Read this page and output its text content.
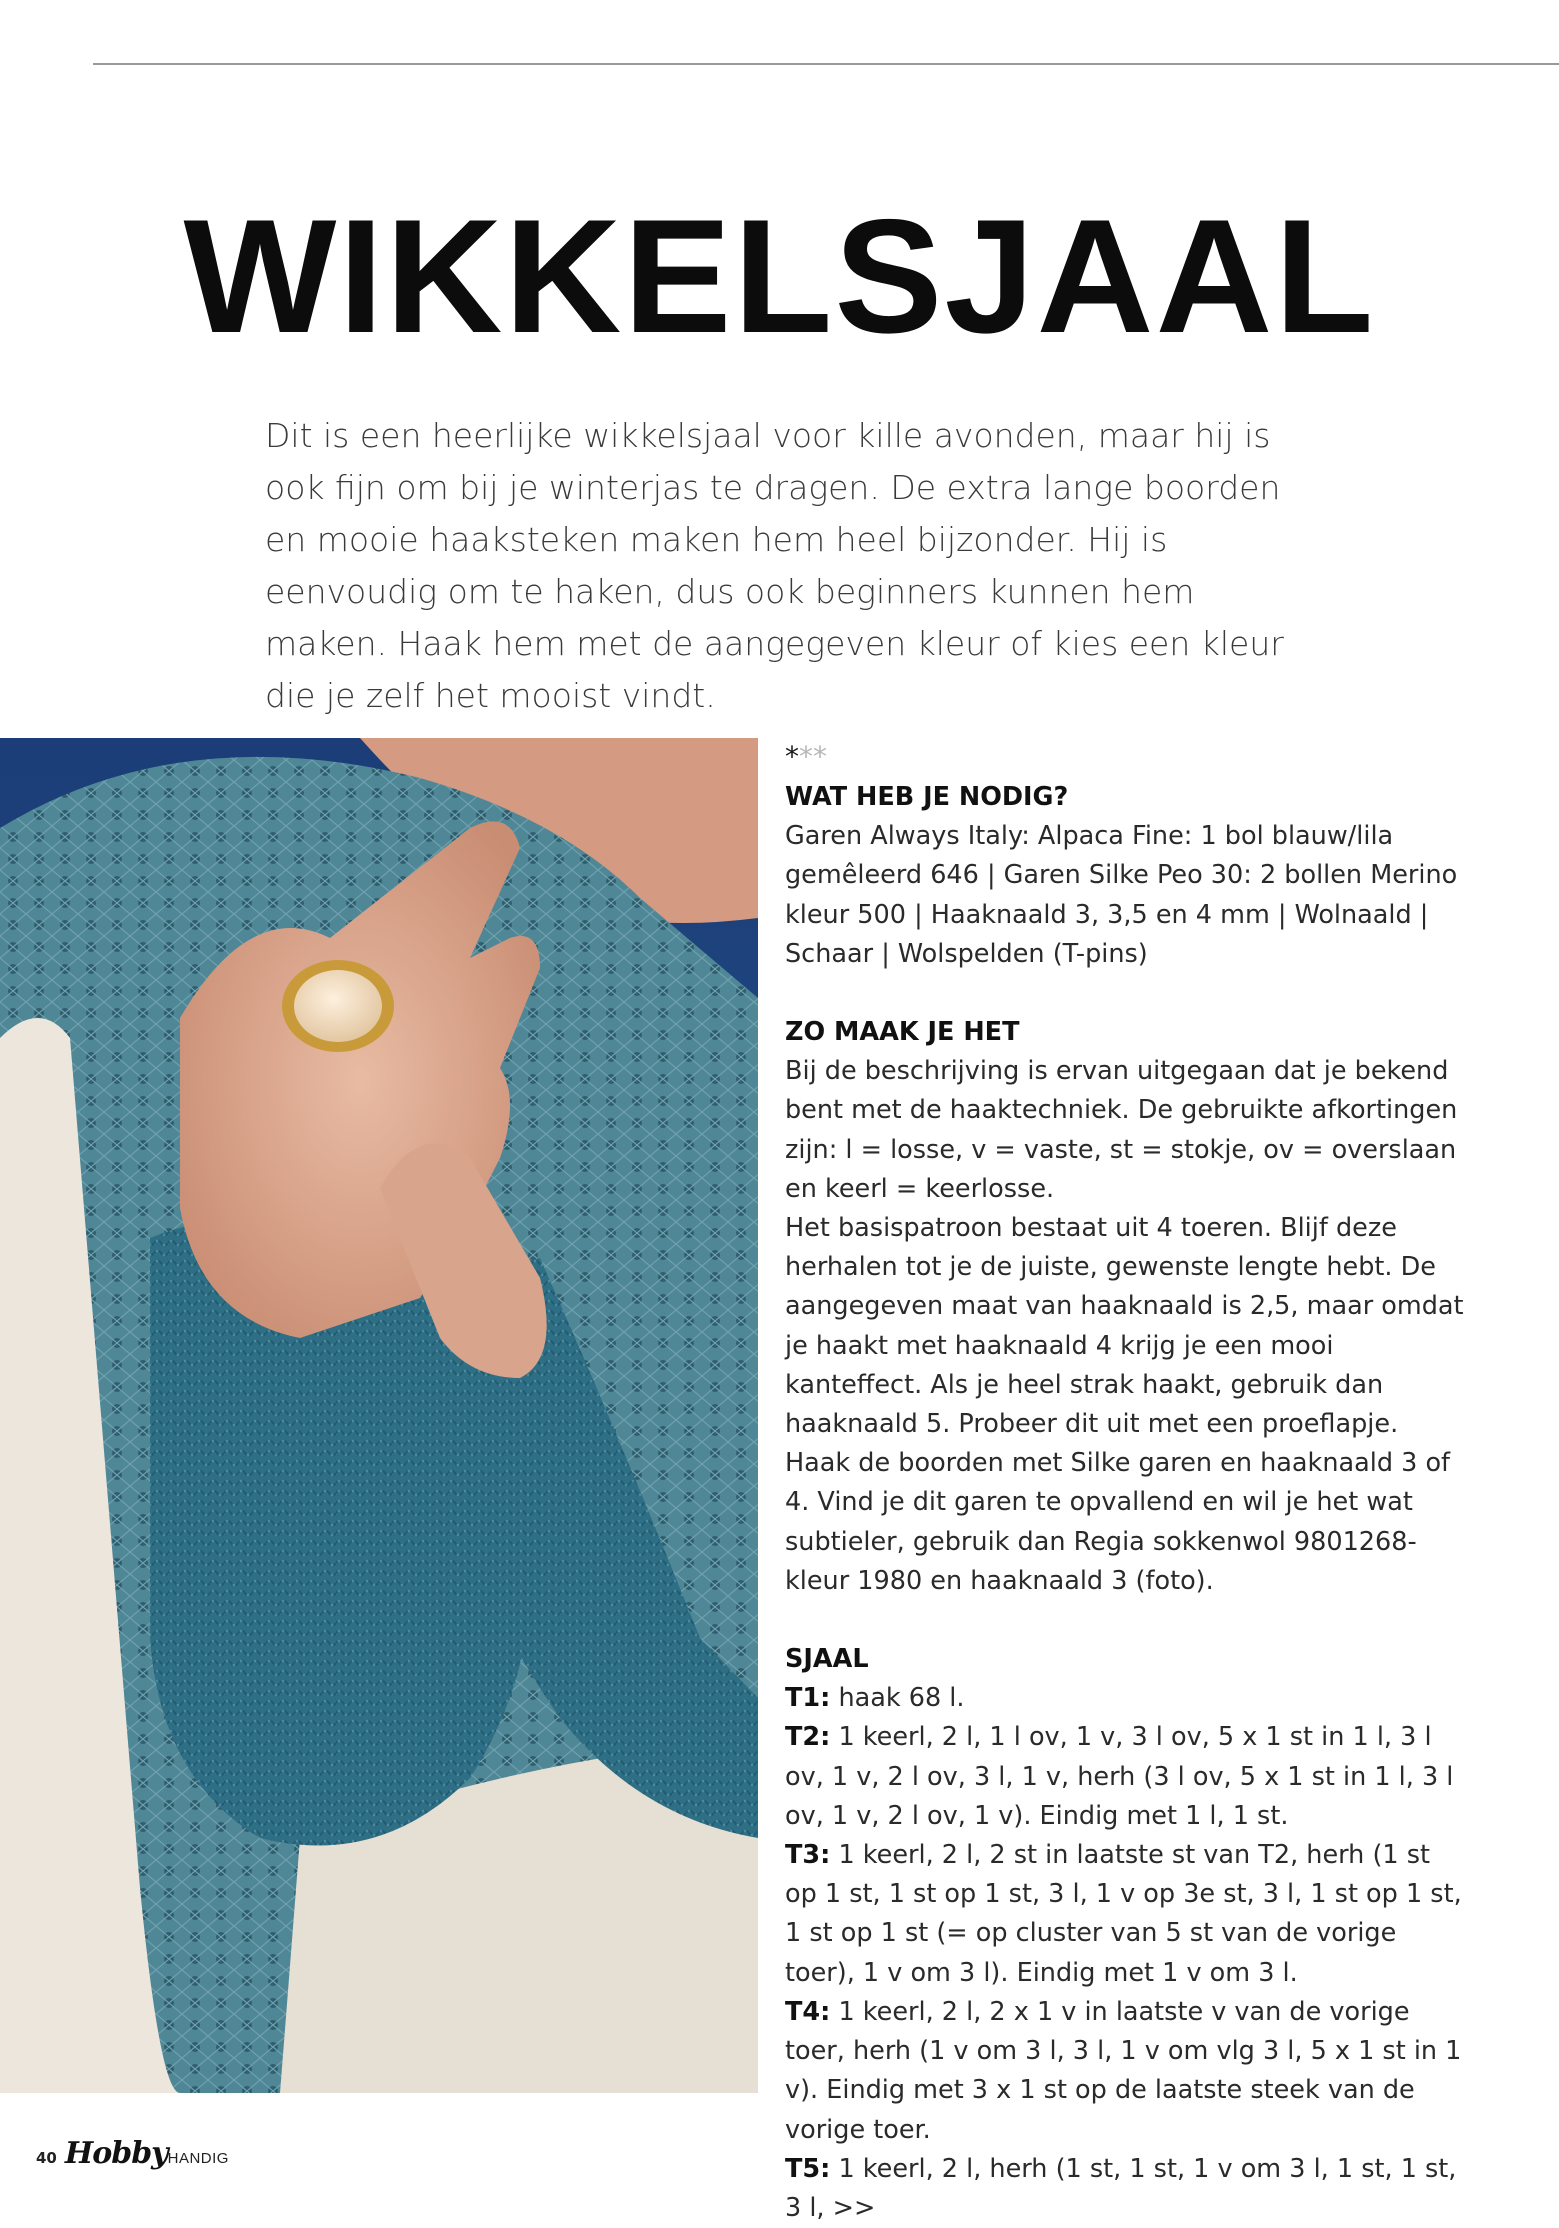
WIKKELSJAAL

Dit is een heerlijke wikkelsjaal voor kille avonden, maar hij is ook fijn om bij je winterjas te dragen. De extra lange boorden en mooie haaksteken maken hem heel bijzonder. Hij is eenvoudig om te haken, dus ook beginners kunnen hem maken. Haak hem met de aangegeven kleur of kies een kleur die je zelf het mooist vindt.

***

WAT HEB JE NODIG?

Garen Always Italy: Alpaca Fine: 1 bol blauw/lila gemêleerd 646 | Garen Silke Peo 30: 2 bollen Merino kleur 500 | Haaknaald 3, 3,5 en 4 mm | Wolnaald | Schaar | Wolspelden (T-pins)

ZO MAAK JE HET

Bij de beschrijving is ervan uitgegaan dat je bekend bent met de haaktechniek. De gebruikte afkortingen zijn: l = losse, v = vaste, st = stokje, ov = overslaan en keerl = keerlosse.

Het basispatroon bestaat uit 4 toeren. Blijf deze herhalen tot je de juiste, gewenste lengte hebt. De aangegeven maat van haaknaald is 2,5, maar omdat je haakt met haaknaald 4 krijg je een mooi kanteffect. Als je heel strak haakt, gebruik dan haaknaald 5. Probeer dit uit met een proeflapje. Haak de boorden met Silke garen en haaknaald 3 of 4. Vind je dit garen te opvallend en wil je het wat subtieler, gebruik dan Regia sokkenwol 9801268- kleur 1980 en haaknaald 3 (foto).

SJAAL

T1: haak 68 l.

T2: 1 keerl, 2 l, 1 l ov, 1 v, 3 l ov, 5 x 1 st in 1 l, 3 l ov, 1 v, 2 l ov, 3 l, 1 v, herh (3 l ov, 5 x 1 st in 1 l, 3 l ov, 1 v, 2 l ov, 1 v). Eindig met 1 l, 1 st.

T3: 1 keerl, 2 l, 2 st in laatste st van T2, herh (1 st op 1 st, 1 st op 1 st, 3 l, 1 v op 3e st, 3 l, 1 st op 1 st, 1 st op 1 st (= op cluster van 5 st van de vorige toer), 1 v om 3 l). Eindig met 1 v om 3 l.

T4: 1 keerl, 2 l, 2 x 1 v in laatste v van de vorige toer, herh (1 v om 3 l, 3 l, 1 v om vlg 3 l, 5 x 1 st in 1 v). Eindig met 3 x 1 st op de laatste steek van de vorige toer.

T5: 1 keerl, 2 l, herh (1 st, 1 st, 1 v om 3 l, 1 st, 1 st, 3 l, >>

40 Hobby HANDIG
